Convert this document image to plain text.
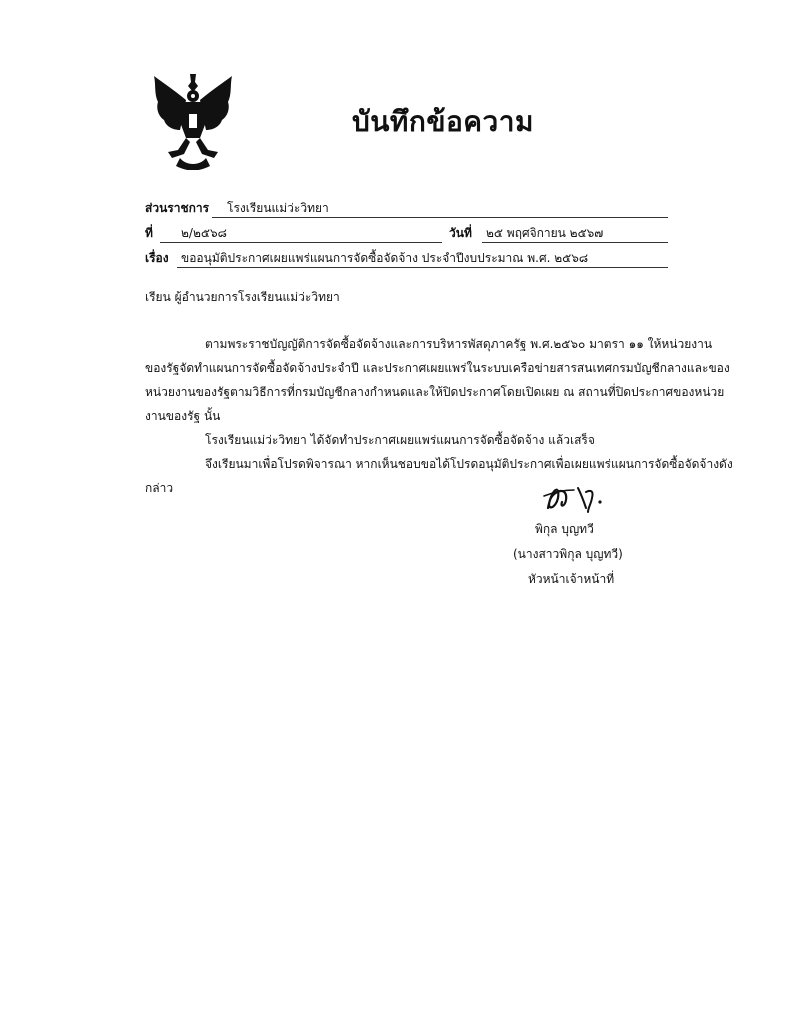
บันทึกข้อความ
ส่วนราชการ โรงเรียนแม่ว่ะวิทยา
ที่ ๒/๒๕๖๘	วันที่ ๒๕ พฤศจิกายน ๒๕๖๗
เรื่อง ขออนุมัติประกาศเผยแพร่แผนการจัดซื้อจัดจ้าง ประจำปีงบประมาณ พ.ศ. ๒๕๖๘
เรียน ผู้อำนวยการโรงเรียนแม่ว่ะวิทยา
ตามพระราชบัญญัติการจัดซื้อจัดจ้างและการบริหารพัสดุภาครัฐ พ.ศ.๒๕๖๐ มาตรา ๑๑ ให้หน่วยงาน
ของรัฐจัดทำแผนการจัดซื้อจัดจ้างประจำปี และประกาศเผยแพร่ในระบบเครือข่ายสารสนเทศกรมบัญชีกลางและของ
หน่วยงานของรัฐตามวิธีการที่กรมบัญชีกลางกำหนดและให้ปิดประกาศโดยเปิดเผย ณ สถานที่ปิดประกาศของหน่วย
งานของรัฐ นั้น
โรงเรียนแม่ว่ะวิทยา ได้จัดทำประกาศเผยแพร่แผนการจัดซื้อจัดจ้าง แล้วเสร็จ
จึงเรียนมาเพื่อโปรดพิจารณา หากเห็นชอบขอได้โปรดอนุมัติประกาศเพื่อเผยแพร่แผนการจัดซื้อจัดจ้างดัง
กล่าว
พิกุล บุญทวี
(นางสาวพิกุล บุญทวี)
หัวหน้าเจ้าหน้าที่
